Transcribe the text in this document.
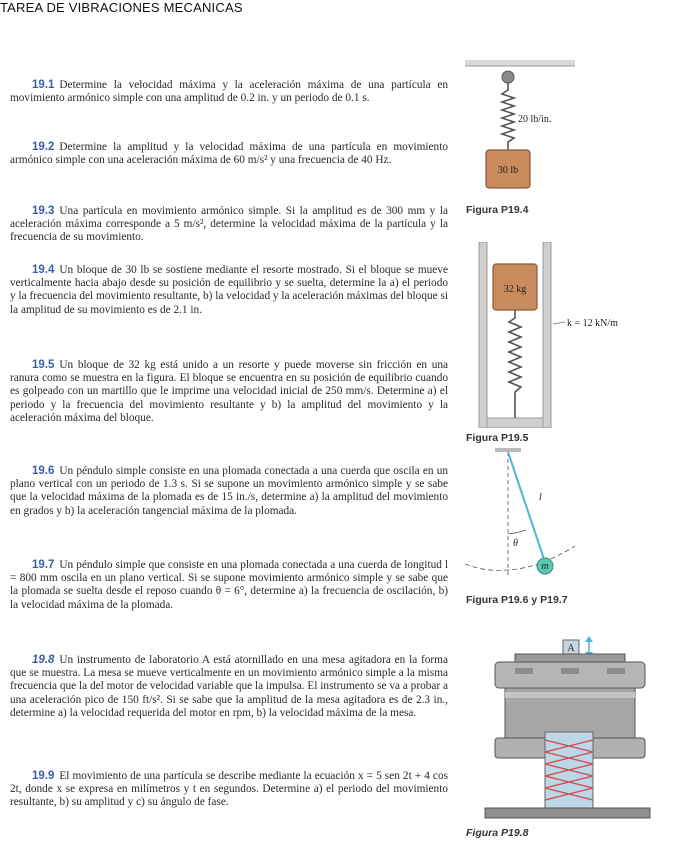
TAREA DE VIBRACIONES MECANICAS

19.1 Determine la velocidad máxima y la aceleración máxima de una partícula en movimiento armónico simple con una amplitud de 0.2 in. y un periodo de 0.1 s.

19.2 Determine la amplitud y la velocidad máxima de una partícula en movimiento armónico simple con una aceleración máxima de 60 m/s² y una frecuencia de 40 Hz.

19.3 Una partícula en movimiento armónico simple. Si la amplitud es de 300 mm y la aceleración máxima corresponde a 5 m/s², determine la velocidad máxima de la partícula y la frecuencia de su movimiento.

19.4 Un bloque de 30 lb se sostiene mediante el resorte mostrado. Si el bloque se mueve verticalmente hacia abajo desde su posición de equilibrio y se suelta, determine la a) el periodo y la frecuencia del movimiento resultante, b) la velocidad y la aceleración máximas del bloque si la amplitud de su movimiento es de 2.1 in.

19.5 Un bloque de 32 kg está unido a un resorte y puede moverse sin fricción en una ranura como se muestra en la figura. El bloque se encuentra en su posición de equilibrio cuando es golpeado con un martillo que le imprime una velocidad inicial de 250 mm/s. Determine a) el periodo y la frecuencia del movimiento resultante y b) la amplitud del movimiento y la aceleración máxima del bloque.

19.6 Un péndulo simple consiste en una plomada conectada a una cuerda que oscila en un plano vertical con un periodo de 1.3 s. Si se supone un movimiento armónico simple y se sabe que la velocidad máxima de la plomada es de 15 in./s, determine a) la amplitud del movimiento en grados y b) la aceleración tangencial máxima de la plomada.

19.7 Un péndulo simple que consiste en una plomada conectada a una cuerda de longitud l = 800 mm oscila en un plano vertical. Si se supone movimiento armónico simple y se sabe que la plomada se suelta desde el reposo cuando θ = 6°, determine a) la frecuencia de oscilación, b) la velocidad máxima de la plomada.

19.8 Un instrumento de laboratorio A está atornillado en una mesa agitadora en la forma que se muestra. La mesa se mueve verticalmente en un movimiento armónico simple a la misma frecuencia que la del motor de velocidad variable que la impulsa. El instrumento se va a probar a una aceleración pico de 150 ft/s². Si se sabe que la amplitud de la mesa agitadora es de 2.3 in., determine a) la velocidad requerida del motor en rpm, b) la velocidad máxima de la mesa.

19.9 El movimiento de una partícula se describe mediante la ecuación x = 5 sen 2t + 4 cos 2t, donde x se expresa en milímetros y t en segundos. Determine a) el periodo del movimiento resultante, b) su amplitud y c) su ángulo de fase.

20 lb/in.
30 lb
Figura P19.4
32 kg
k = 12 kN/m
Figura P19.5
l
θ
m
Figura P19.6 y P19.7
A
Figura P19.8
